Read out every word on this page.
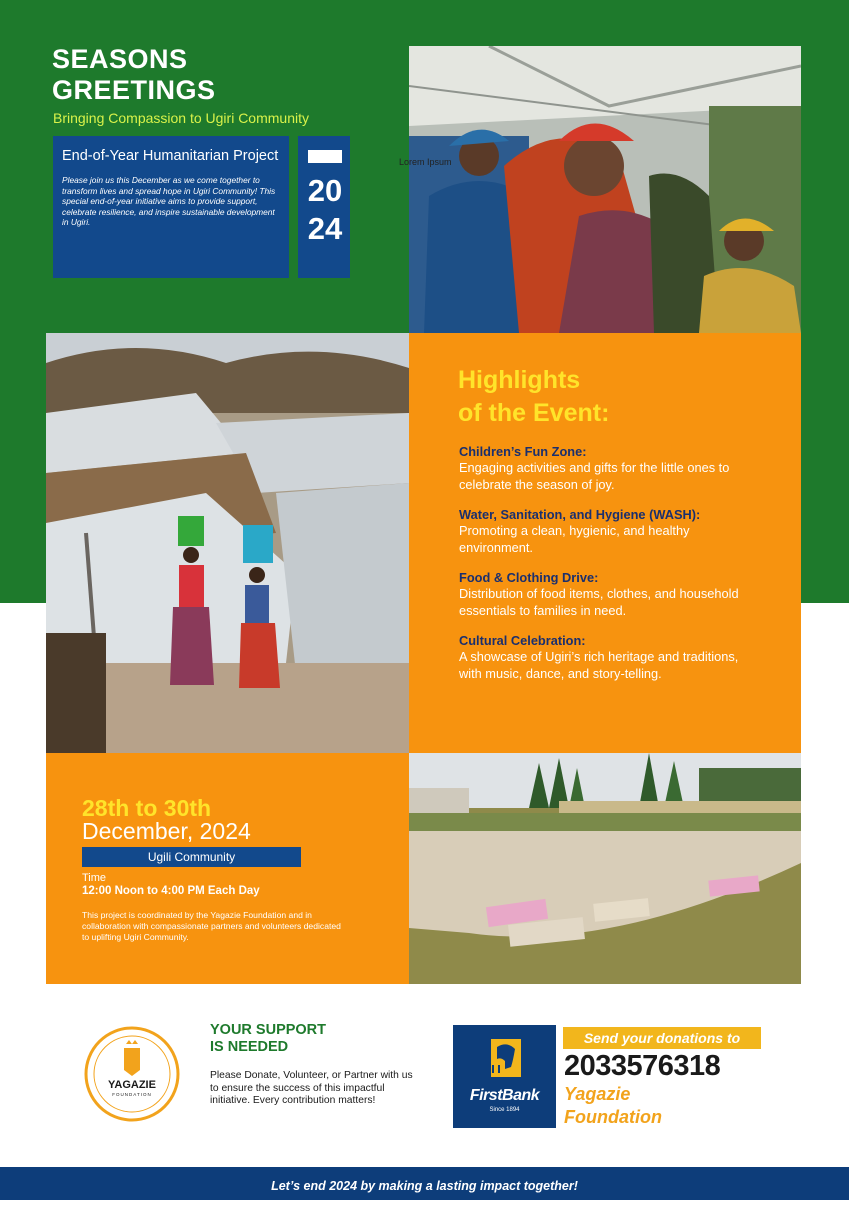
SEASONS
GREETINGS
Bringing Compassion to Ugiri Community
End-of-Year Humanitarian Project
Please join us this December as we come together to transform lives and spread hope in Ugiri Community! This special end-of-year initiative aims to provide support, celebrate resilience, and inspire sustainable development in Ugiri.
20
24
Lorem Ipsum
Highlights
of the Event:
Children’s Fun Zone:
Engaging activities and gifts for the little ones to celebrate the season of joy.
Water, Sanitation, and Hygiene (WASH):
Promoting a clean, hygienic, and healthy environment.
Food & Clothing Drive:
Distribution of food items, clothes, and household essentials to families in need.
Cultural Celebration:
A showcase of Ugiri’s rich heritage and traditions, with music, dance, and story-telling.
28th to 30th
December, 2024
Ugili Community
Time
12:00 Noon to 4:00 PM Each Day
This project is coordinated by the Yagazie Foundation and in collaboration with compassionate partners and volunteers dedicated to uplifting Ugiri Community.
YAGAZIE
FOUNDATION
YOUR SUPPORT
IS NEEDED
Please Donate, Volunteer, or Partner with us to ensure the success of this impactful initiative. Every contribution matters!	FirstBank
Since 1894
Send your donations to
2033576318
Yagazie
Foundation
Let’s end 2024 by making a lasting impact together!
